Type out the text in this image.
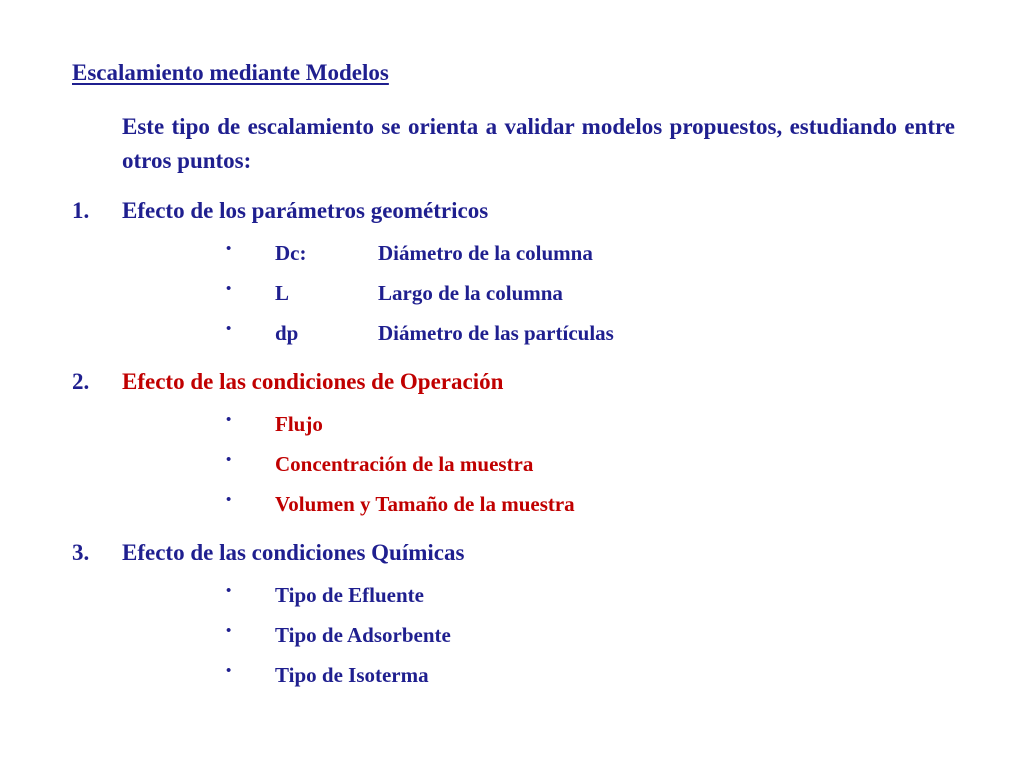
Escalamiento mediante Modelos
Este tipo de escalamiento se orienta a validar modelos propuestos, estudiando entre otros puntos:
1. Efecto de los parámetros geométricos
• Dc:	Diámetro de la columna
• L	Largo de la columna
• dp	Diámetro de las partículas
2. Efecto de las condiciones de Operación
• Flujo
• Concentración de la muestra
• Volumen y Tamaño de la muestra
3. Efecto de las condiciones Químicas
• Tipo de Efluente
• Tipo de Adsorbente
• Tipo de Isoterma
